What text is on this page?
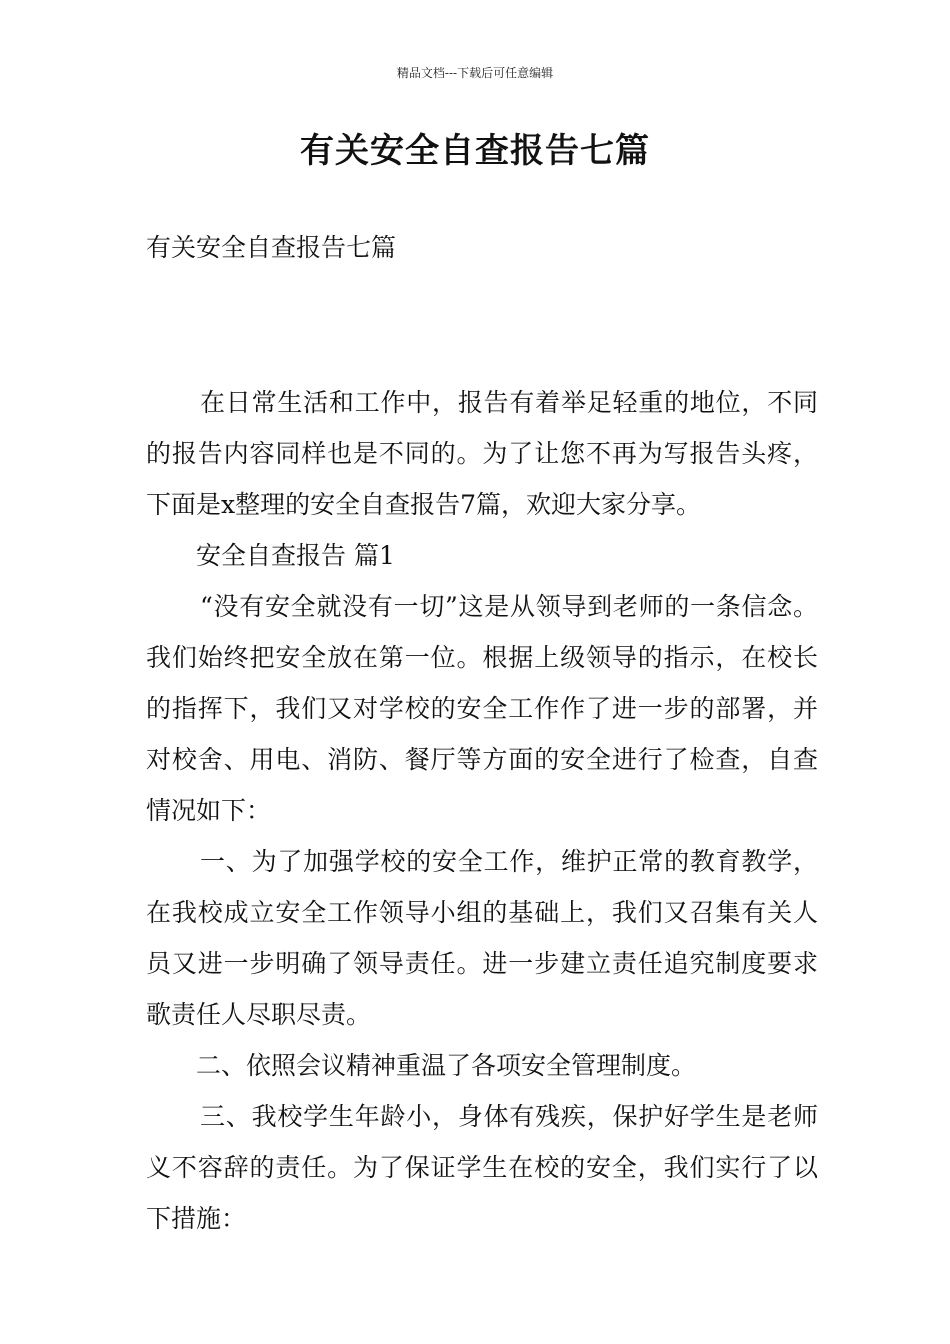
精品文档---下载后可任意编辑
有关安全自查报告七篇
有关安全自查报告七篇

在日常生活和工作中，报告有着举足轻重的地位，不同的报告内容同样也是不同的。为了让您不再为写报告头疼，下面是x整理的安全自查报告7篇，欢迎大家分享。

安全自查报告 篇1

“没有安全就没有一切”这是从领导到老师的一条信念。我们始终把安全放在第一位。根据上级领导的指示，在校长的指挥下，我们又对学校的安全工作作了进一步的部署，并对校舍、用电、消防、餐厅等方面的安全进行了检查，自查情况如下：

一、为了加强学校的安全工作，维护正常的教育教学，在我校成立安全工作领导小组的基础上，我们又召集有关人员又进一步明确了领导责任。进一步建立责任追究制度要求歌责任人尽职尽责。

二、依照会议精神重温了各项安全管理制度。

三、我校学生年龄小，身体有残疾，保护好学生是老师义不容辞的责任。为了保证学生在校的安全，我们实行了以下措施：
